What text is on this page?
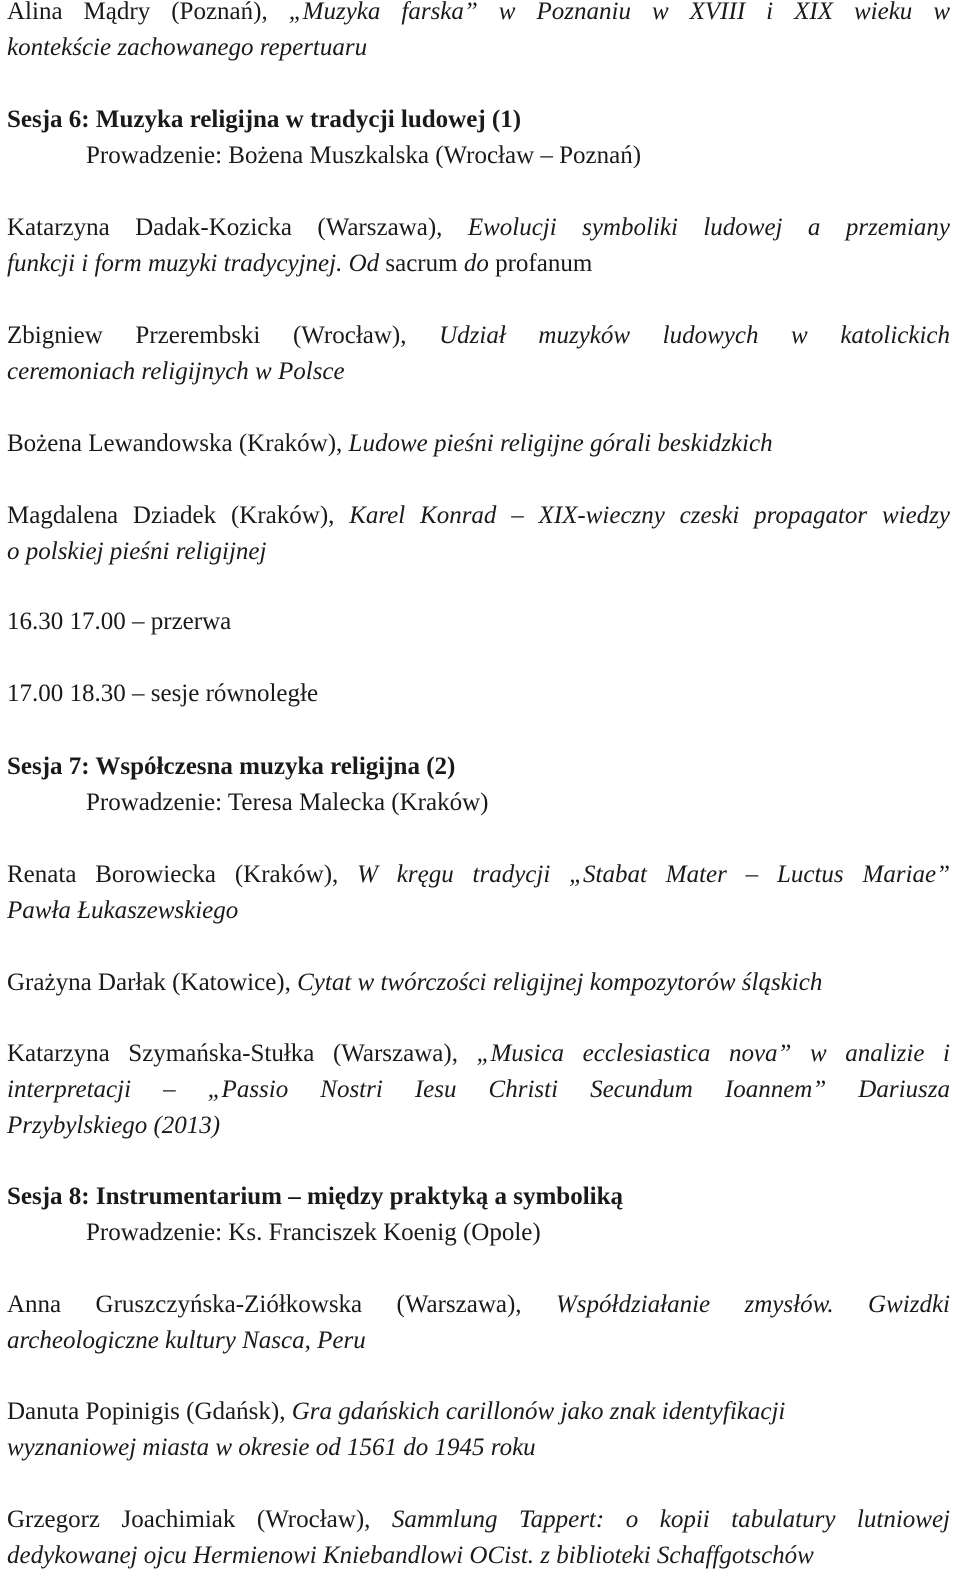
Alina Mądry (Poznań), „Muzyka farska” w Poznaniu w XVIII i XIX wieku w
kontekście zachowanego repertuaru
Sesja 6: Muzyka religijna w tradycji ludowej (1)
Prowadzenie: Bożena Muszkalska (Wrocław – Poznań)
Katarzyna Dadak-Kozicka (Warszawa), Ewolucji symboliki ludowej a przemiany
funkcji i form muzyki tradycyjnej. Od sacrum do profanum
Zbigniew Przerembski (Wrocław), Udział muzyków ludowych w katolickich
ceremoniach religijnych w Polsce
Bożena Lewandowska (Kraków), Ludowe pieśni religijne górali beskidzkich
Magdalena Dziadek (Kraków), Karel Konrad – XIX-wieczny czeski propagator wiedzy
o polskiej pieśni religijnej
16.30 17.00 – przerwa
17.00 18.30 – sesje równoległe
Sesja 7: Współczesna muzyka religijna (2)
Prowadzenie: Teresa Malecka (Kraków)
Renata Borowiecka (Kraków), W kręgu tradycji „Stabat Mater – Luctus Mariae”
Pawła Łukaszewskiego
Grażyna Darłak (Katowice), Cytat w twórczości religijnej kompozytorów śląskich
Katarzyna Szymańska-Stułka (Warszawa), „Musica ecclesiastica nova” w analizie i
interpretacji – „Passio Nostri Iesu Christi Secundum Ioannem” Dariusza
Przybylskiego (2013)
Sesja 8: Instrumentarium – między praktyką a symboliką
Prowadzenie: Ks. Franciszek Koenig (Opole)
Anna Gruszczyńska-Ziółkowska (Warszawa), Współdziałanie zmysłów. Gwizdki
archeologiczne kultury Nasca, Peru
Danuta Popinigis (Gdańsk), Gra gdańskich carillonów jako znak identyfikacji
wyznaniowej miasta w okresie od 1561 do 1945 roku
Grzegorz Joachimiak (Wrocław), Sammlung Tappert: o kopii tabulatury lutniowej
dedykowanej ojcu Hermienowi Kniebandlowi OCist. z biblioteki Schaffgotschów
